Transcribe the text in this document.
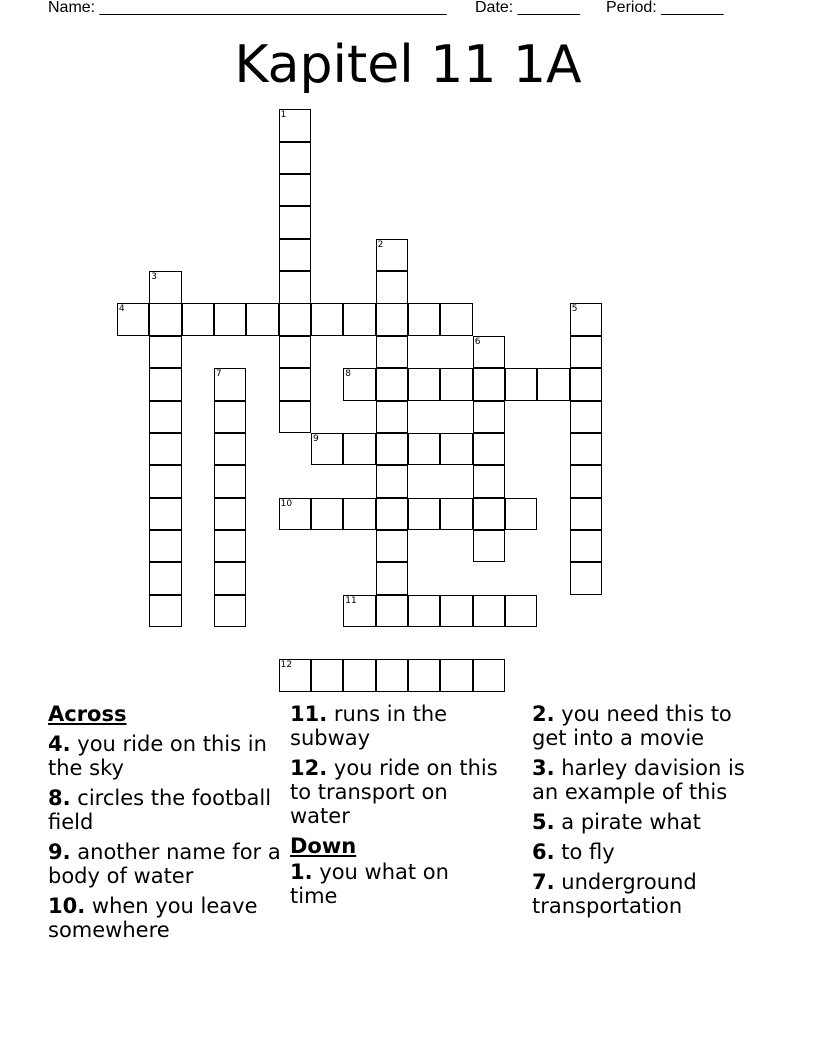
Name: _______________________________________ Date: _______ Period: _______
Kapitel 11 1A
1
2
3
4	5
6
7	8
9
10
11
12
Across
4. you ride on this in the sky
8. circles the football field
9. another name for a body of water
10. when you leave somewhere
11. runs in the subway
12. you ride on this to transport on water
Down
1. you what on time
2. you need this to get into a movie
3. harley davision is an example of this
5. a pirate what
6. to fly
7. underground transportation
